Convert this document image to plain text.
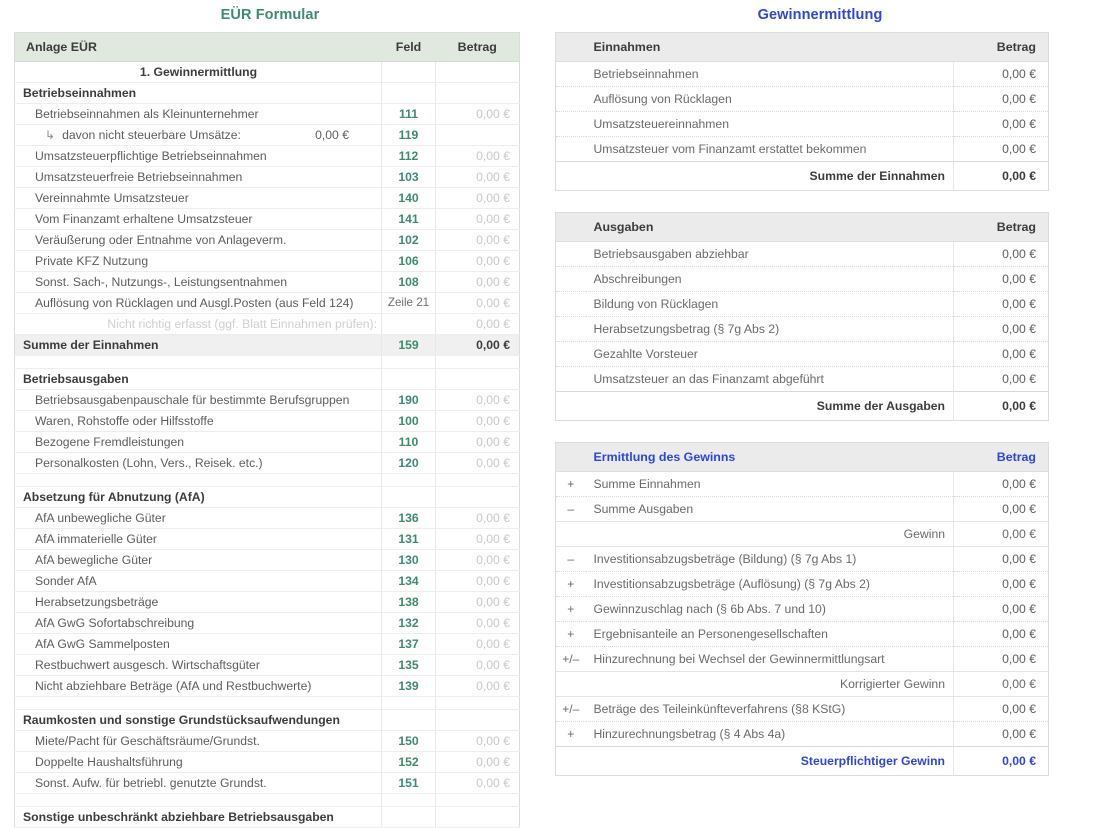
EÜR Formular
Anlage EÜR	Feld	Betrag
1. Gewinnermittlung		
Betriebseinnahmen		
Betriebseinnahmen als Kleinunternehmer	111	0,00 €

↳ davon nicht steuerbare Umsätze: 0,00 €	119	
Umsatzsteuerpflichtige Betriebseinnahmen	112	0,00 €
Umsatzsteuerfreie Betriebseinnahmen	103	0,00 €
Vereinnahmte Umsatzsteuer	140	0,00 €
Vom Finanzamt erhaltene Umsatzsteuer	141	0,00 €
Veräußerung oder Entnahme von Anlageverm.	102	0,00 €
Private KFZ Nutzung	106	0,00 €
Sonst. Sach-, Nutzungs-, Leistungsentnahmen	108	0,00 €
Auflösung von Rücklagen und Ausgl.Posten (aus Feld 124)	Zeile 21	0,00 €
Nicht richtig erfasst (ggf. Blatt Einnahmen prüfen):		0,00 €
Summe der Einnahmen	159	0,00 €

Betriebsausgaben		
Betriebsausgabenpauschale für bestimmte Berufsgruppen	190	0,00 €
Waren, Rohstoffe oder Hilfsstoffe	100	0,00 €
Bezogene Fremdleistungen	110	0,00 €
Personalkosten (Lohn, Vers., Reisek. etc.)	120	0,00 €

Absetzung für Abnutzung (AfA)		
AfA unbewegliche Güter	136	0,00 €
AfA immaterielle Güter	131	0,00 €
AfA bewegliche Güter	130	0,00 €
Sonder AfA	134	0,00 €
Herabsetzungsbeträge	138	0,00 €
AfA GwG Sofortabschreibung	132	0,00 €
AfA GwG Sammelposten	137	0,00 €
Restbuchwert ausgesch. Wirtschaftsgüter	135	0,00 €
Nicht abziehbare Beträge (AfA und Restbuchwerte)	139	0,00 €

Raumkosten und sonstige Grundstücksaufwendungen		
Miete/Pacht für Geschäftsräume/Grundst.	150	0,00 €
Doppelte Haushaltsführung	152	0,00 €
Sonst. Aufw. für betriebl. genutzte Grundst.	151	0,00 €

Sonstige unbeschränkt abziehbare Betriebsausgaben		
Gewinnermittlung
	Einnahmen	Betrag
	Betriebseinnahmen	0,00 €
	Auflösung von Rücklagen	0,00 €
	Umsatzsteuereinnahmen	0,00 €
	Umsatzsteuer vom Finanzamt erstattet bekommen	0,00 €
	Summe der Einnahmen	0,00 €
	Ausgaben	Betrag
	Betriebsausgaben abziehbar	0,00 €
	Abschreibungen	0,00 €
	Bildung von Rücklagen	0,00 €
	Herabsetzungsbetrag (§ 7g Abs 2)	0,00 €
	Gezahlte Vorsteuer	0,00 €
	Umsatzsteuer an das Finanzamt abgeführt	0,00 €
	Summe der Ausgaben	0,00 €
	Ermittlung des Gewinns	Betrag
+	Summe Einnahmen	0,00 €
–	Summe Ausgaben	0,00 €
	Gewinn	0,00 €
–	Investitionsabzugsbeträge (Bildung) (§ 7g Abs 1)	0,00 €
+	Investitionsabzugsbeträge (Auflösung) (§ 7g Abs 2)	0,00 €
+	Gewinnzuschlag nach (§ 6b Abs. 7 und 10)	0,00 €
+	Ergebnisanteile an Personengesellschaften	0,00 €
+/–	Hinzurechnung bei Wechsel der Gewinnermittlungsart	0,00 €
	Korrigierter Gewinn	0,00 €
+/–	Beträge des Teileinkünfteverfahrens (§8 KStG)	0,00 €
+	Hinzurechnungsbetrag (§ 4 Abs 4a)	0,00 €
	Steuerpflichtiger Gewinn	0,00 €
